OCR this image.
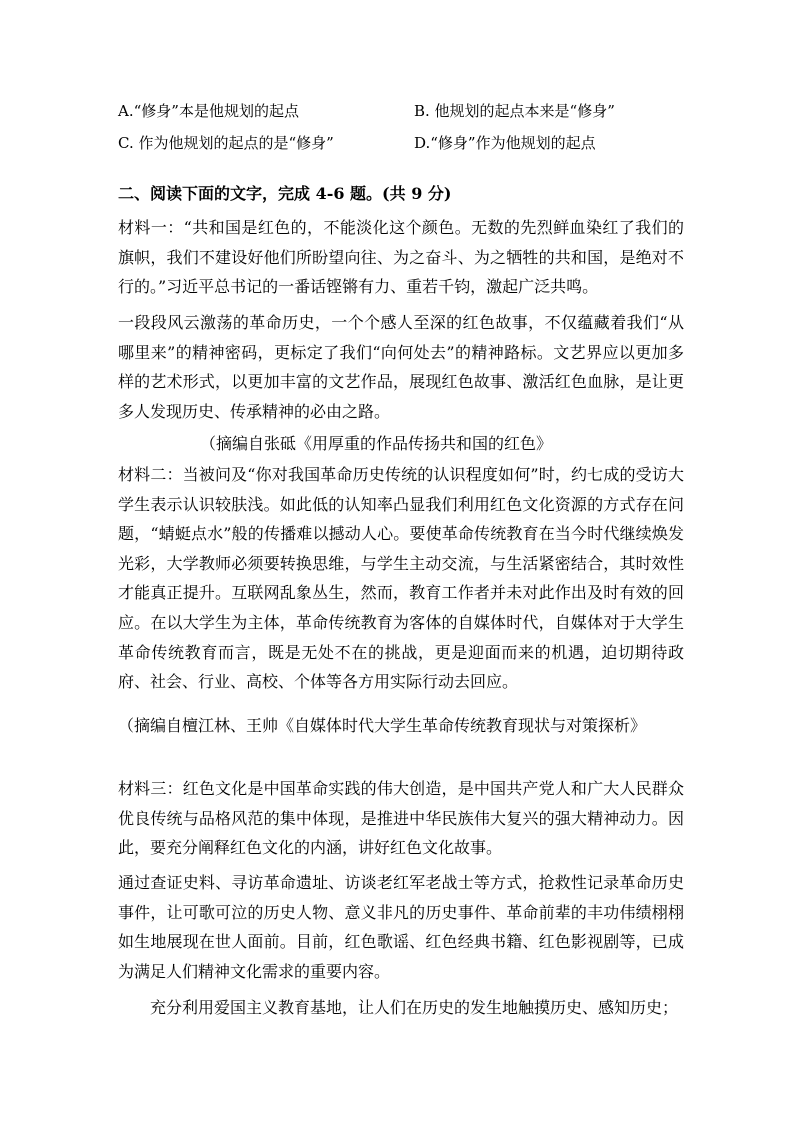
A.“修身”本是他规划的起点	B. 他规划的起点本来是“修身”
C. 作为他规划的起点的是“修身”	D.“修身”作为他规划的起点
二、阅读下面的文字，完成 4-6 题。(共 9 分)

材料一：“共和国是红色的，不能淡化这个颜色。无数的先烈鲜血染红了我们的旗帜，我们不建设好他们所盼望向往、为之奋斗、为之牺牲的共和国，是绝对不行的。”习近平总书记的一番话铿锵有力、重若千钧，激起广泛共鸣。

一段段风云激荡的革命历史，一个个感人至深的红色故事，不仅蕴藏着我们“从哪里来”的精神密码，更标定了我们“向何处去”的精神路标。文艺界应以更加多样的艺术形式，以更加丰富的文艺作品，展现红色故事、激活红色血脉，是让更多人发现历史、传承精神的必由之路。

（摘编自张砥《用厚重的作品传扬共和国的红色》

材料二：当被问及“你对我国革命历史传统的认识程度如何”时，约七成的受访大学生表示认识较肤浅。如此低的认知率凸显我们利用红色文化资源的方式存在问题，“蜻蜓点水”般的传播难以撼动人心。要使革命传统教育在当今时代继续焕发光彩，大学教师必须要转换思维，与学生主动交流，与生活紧密结合，其时效性才能真正提升。互联网乱象丛生，然而，教育工作者并未对此作出及时有效的回应。在以大学生为主体，革命传统教育为客体的自媒体时代，自媒体对于大学生革命传统教育而言，既是无处不在的挑战，更是迎面而来的机遇，迫切期待政府、社会、行业、高校、个体等各方用实际行动去回应。

（摘编自檀江林、王帅《自媒体时代大学生革命传统教育现状与对策探析》

材料三：红色文化是中国革命实践的伟大创造，是中国共产党人和广大人民群众优良传统与品格风范的集中体现，是推进中华民族伟大复兴的强大精神动力。因此，要充分阐释红色文化的内涵，讲好红色文化故事。

通过查证史料、寻访革命遗址、访谈老红军老战士等方式，抢救性记录革命历史事件，让可歌可泣的历史人物、意义非凡的历史事件、革命前辈的丰功伟绩栩栩如生地展现在世人面前。目前，红色歌谣、红色经典书籍、红色影视剧等，已成为满足人们精神文化需求的重要内容。

　　充分利用爱国主义教育基地，让人们在历史的发生地触摸历史、感知历史；
